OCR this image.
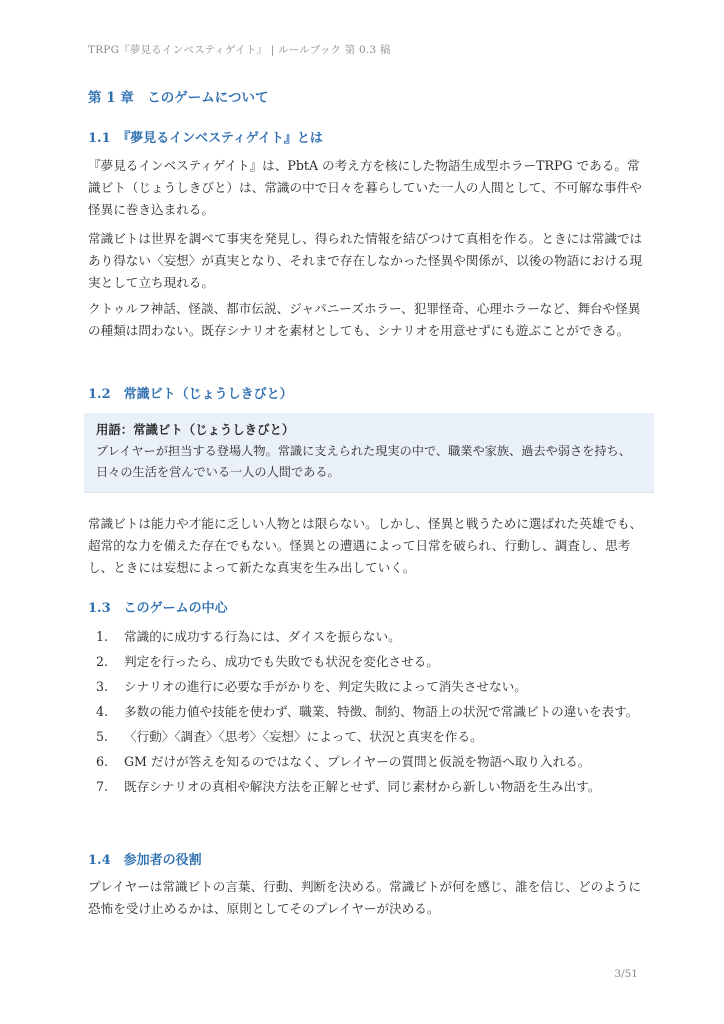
TRPG『夢見るインベスティゲイト』 | ルールブック 第 0.3 稿
第 1 章　このゲームについて
1.1　『夢見るインベスティゲイト』とは
『夢見るインベスティゲイト』は、PbtA の考え方を核にした物語生成型ホラーTRPG である。常識ビト（じょうしきびと）は、常識の中で日々を暮らしていた一人の人間として、不可解な事件や怪異に巻き込まれる。
常識ビトは世界を調べて事実を発見し、得られた情報を結びつけて真相を作る。ときには常識ではあり得ない〈妄想〉が真実となり、それまで存在しなかった怪異や関係が、以後の物語における現実として立ち現れる。
クトゥルフ神話、怪談、都市伝説、ジャパニーズホラー、犯罪怪奇、心理ホラーなど、舞台や怪異の種類は問わない。既存シナリオを素材としても、シナリオを用意せずにも遊ぶことができる。
1.2　常識ビト（じょうしきびと）
用語：常識ビト（じょうしきびと）
プレイヤーが担当する登場人物。常識に支えられた現実の中で、職業や家族、過去や弱さを持ち、日々の生活を営んでいる一人の人間である。
常識ビトは能力や才能に乏しい人物とは限らない。しかし、怪異と戦うために選ばれた英雄でも、超常的な力を備えた存在でもない。怪異との遭遇によって日常を破られ、行動し、調査し、思考し、ときには妄想によって新たな真実を生み出していく。
1.3　このゲームの中心
1.	常識的に成功する行為には、ダイスを振らない。
2.	判定を行ったら、成功でも失敗でも状況を変化させる。
3.	シナリオの進行に必要な手がかりを、判定失敗によって消失させない。
4.	多数の能力値や技能を使わず、職業、特徴、制約、物語上の状況で常識ビトの違いを表す。
5.	〈行動〉〈調査〉〈思考〉〈妄想〉によって、状況と真実を作る。
6.	GM だけが答えを知るのではなく、プレイヤーの質問と仮説を物語へ取り入れる。
7.	既存シナリオの真相や解決方法を正解とせず、同じ素材から新しい物語を生み出す。
1.4　参加者の役割
プレイヤーは常識ビトの言葉、行動、判断を決める。常識ビトが何を感じ、誰を信じ、どのように恐怖を受け止めるかは、原則としてそのプレイヤーが決める。
3/51
